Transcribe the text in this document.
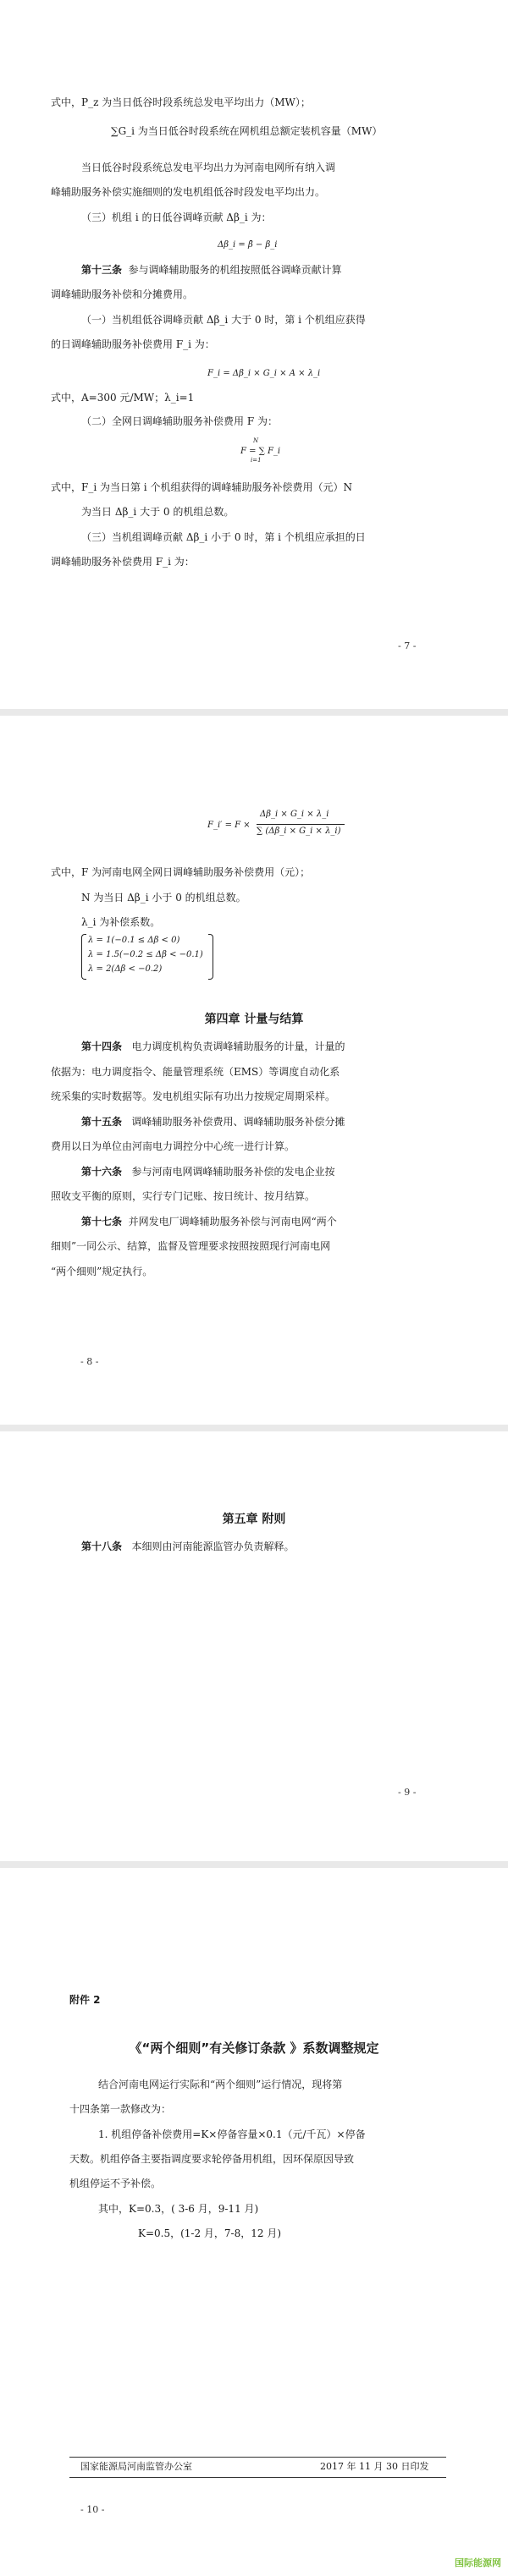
式中，P_z 为当日低谷时段系统总发电平均出力（MW）；
∑G_i 为当日低谷时段系统在网机组总额定装机容量（MW）
当日低谷时段系统总发电平均出力为河南电网所有纳入调
峰辅助服务补偿实施细则的发电机组低谷时段发电平均出力。
（三）机组 i 的日低谷调峰贡献 Δβ_i 为：
Δβ_i = β̄ − β_i
第十三条 参与调峰辅助服务的机组按照低谷调峰贡献计算
调峰辅助服务补偿和分摊费用。
（一）当机组低谷调峰贡献 Δβ_i 大于 0 时，第 i 个机组应获得
的日调峰辅助服务补偿费用 F_i 为：
F_i = Δβ_i × G_i × A × λ_i
式中，A=300 元/MW；λ_i=1
（二）全网日调峰辅助服务补偿费用 F 为：
N
F = ∑ F_i
i=1
式中，F_i 为当日第 i 个机组获得的调峰辅助服务补偿费用（元）N
为当日 Δβ_i 大于 0 的机组总数。
（三）当机组调峰贡献 Δβ_i 小于 0 时，第 i 个机组应承担的日
调峰辅助服务补偿费用 F_i 为：
- 7 -
F_i′ = F ×
Δβ_i × G_i × λ_i
∑ (Δβ_i × G_i × λ_i)
式中，F 为河南电网全网日调峰辅助服务补偿费用（元）；
N 为当日 Δβ_i 小于 0 的机组总数。
λ_i 为补偿系数。
λ = 1(−0.1 ≤ Δβ < 0)
λ = 1.5(−0.2 ≤ Δβ < −0.1)
λ = 2(Δβ < −0.2)
第四章 计量与结算
第十四条 电力调度机构负责调峰辅助服务的计量，计量的
依据为：电力调度指令、能量管理系统（EMS）等调度自动化系
统采集的实时数据等。发电机组实际有功出力按规定周期采样。
第十五条 调峰辅助服务补偿费用、调峰辅助服务补偿分摊
费用以日为单位由河南电力调控分中心统一进行计算。
第十六条 参与河南电网调峰辅助服务补偿的发电企业按
照收支平衡的原则，实行专门记账、按日统计、按月结算。
第十七条 并网发电厂调峰辅助服务补偿与河南电网“两个
细则”一同公示、结算，监督及管理要求按照按照现行河南电网
“两个细则”规定执行。
- 8 -
第五章 附则
第十八条 本细则由河南能源监管办负责解释。
- 9 -
附件 2
《“两个细则”有关修订条款 》系数调整规定
结合河南电网运行实际和“两个细则”运行情况，现将第
十四条第一款修改为：
1. 机组停备补偿费用=K×停备容量×0.1（元/千瓦）×停备
天数。机组停备主要指调度要求轮停备用机组，因环保原因导致
机组停运不予补偿。
其中，K=0.3，( 3-6 月，9-11 月)
K=0.5，(1-2 月，7-8，12 月)
国家能源局河南监管办公室	2017 年 11 月 30 日印发
- 10 -
国际能源网
